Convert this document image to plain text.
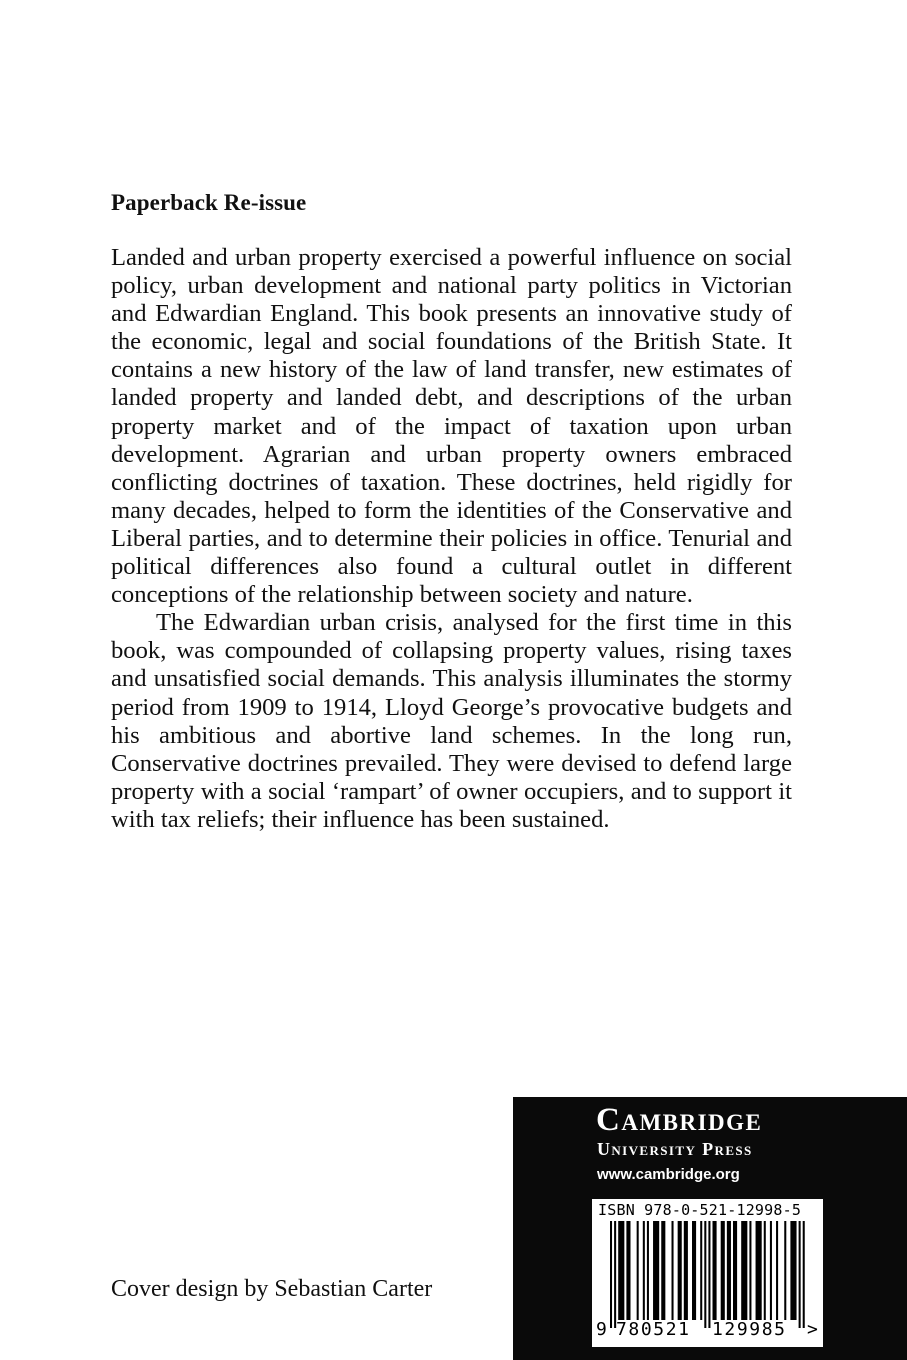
Paperback Re-issue

Landed and urban property exercised a powerful influence on social policy, urban development and national party politics in Victorian and Edwardian England. This book presents an innovative study of the economic, legal and social foundations of the British State. It contains a new history of the law of land transfer, new estimates of landed property and landed debt, and descriptions of the urban property market and of the impact of taxation upon urban development. Agrarian and urban property owners embraced conflicting doctrines of taxation. These doctrines, held rigidly for many decades, helped to form the identities of the Conservative and Liberal parties, and to determine their policies in office. Tenurial and political differences also found a cultural outlet in different conceptions of the relationship between society and nature.

The Edwardian urban crisis, analysed for the first time in this book, was compounded of collapsing property values, rising taxes and unsatisfied social demands. This analysis illuminates the stormy period from 1909 to 1914, Lloyd George’s provocative budgets and his ambitious and abortive land schemes. In the long run, Conservative doctrines prevailed. They were devised to defend large property with a social ‘rampart’ of owner occupiers, and to support it with tax reliefs; their influence has been sustained.

Cover design by Sebastian Carter

Cambridge
University Press
www.cambridge.org
ISBN 978-0-521-12998-5
9 780521 129985 >
